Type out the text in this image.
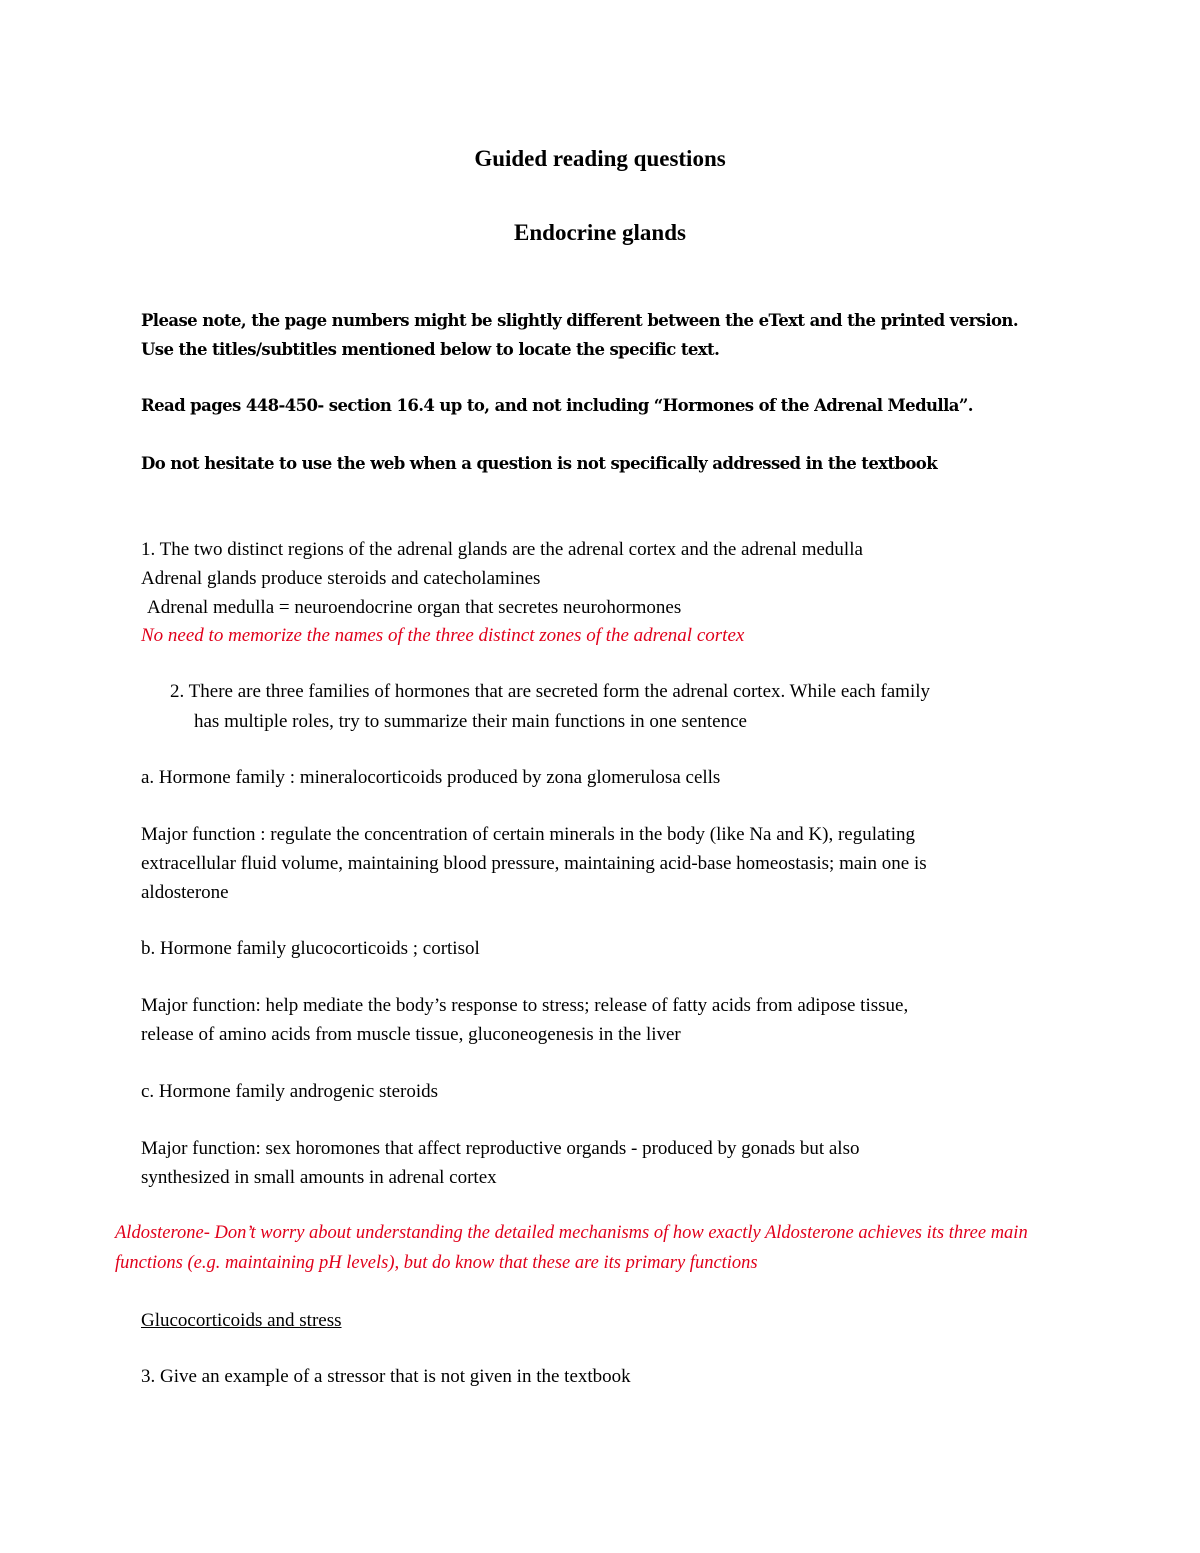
Guided reading questions
Endocrine glands
Please note, the page numbers might be slightly different between the eText and the printed version.
Use the titles/subtitles mentioned below to locate the specific text.
Read pages 448-450- section 16.4 up to, and not including “Hormones of the Adrenal Medulla”.
Do not hesitate to use the web when a question is not specifically addressed in the textbook
1. The two distinct regions of the adrenal glands are the adrenal cortex and the adrenal medulla
Adrenal glands produce steroids and catecholamines
Adrenal medulla = neuroendocrine organ that secretes neurohormones
No need to memorize the names of the three distinct zones of the adrenal cortex
2. There are three families of hormones that are secreted form the adrenal cortex. While each family
has multiple roles, try to summarize their main functions in one sentence
a. Hormone family : mineralocorticoids produced by zona glomerulosa cells
Major function : regulate the concentration of certain minerals in the body (like Na and K), regulating
extracellular fluid volume, maintaining blood pressure, maintaining acid-base homeostasis; main one is
aldosterone
b. Hormone family glucocorticoids ; cortisol
Major function: help mediate the body’s response to stress; release of fatty acids from adipose tissue,
release of amino acids from muscle tissue, gluconeogenesis in the liver
c. Hormone family androgenic steroids
Major function: sex horomones that affect reproductive organds - produced by gonads but also
synthesized in small amounts in adrenal cortex
Aldosterone- Don’t worry about understanding the detailed mechanisms of how exactly Aldosterone achieves its three main
functions (e.g. maintaining pH levels), but do know that these are its primary functions
Glucocorticoids and stress
3. Give an example of a stressor that is not given in the textbook
